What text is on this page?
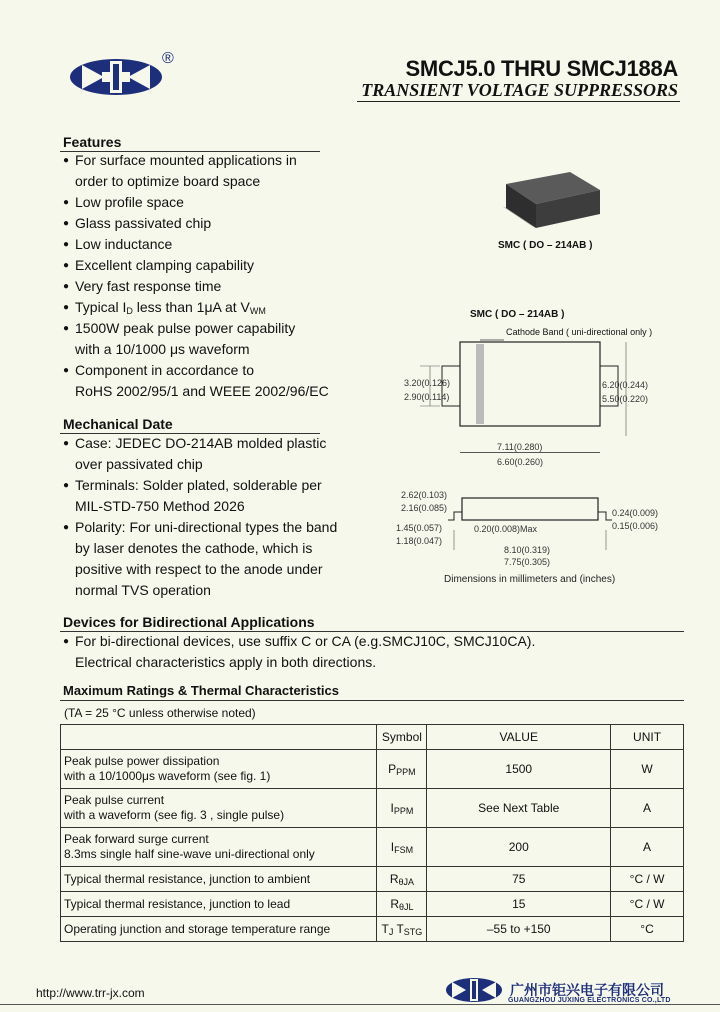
®	SMCJ5.0 THRU SMCJ188A
TRANSIENT VOLTAGE SUPPRESSORS
Features
● For surface mounted applications in
order to optimize board space
● Low profile space
● Glass passivated chip
● Low inductance
● Excellent clamping capability
● Very fast response time
● Typical $I_D$ less than 1μA at $V_{WM}$
● 1500W peak pulse power capability
with a 10/1000 μs waveform
● Component in accordance to
RoHS 2002/95/1 and WEEE 2002/96/EC
Mechanical Date
● Case: JEDEC DO-214AB molded plastic
over passivated chip
● Terminals: Solder plated, solderable per
MIL-STD-750 Method 2026
● Polarity: For uni-directional types the band
by laser denotes the cathode, which is
positive with respect to the anode under
normal TVS operation
Devices for Bidirectional Applications
● For bi-directional devices, use suffix C or CA (e.g.SMCJ10C, SMCJ10CA).
Electrical characteristics apply in both directions.
SMC ( DO – 214AB )
SMC ( DO – 214AB )
Cathode Band ( uni-directional only )
3.20(0.126)
2.90(0.114)
6.20(0.244)
5.50(0.220)
7.11(0.280)
6.60(0.260)
2.62(0.103)
2.16(0.085)	0.24(0.009)
0.15(0.006)
1.45(0.057)
1.18(0.047)
0.20(0.008)Max
8.10(0.319)
7.75(0.305)
Dimensions in millimeters and (inches)
Maximum Ratings & Thermal Characteristics
(TA = 25 °C unless otherwise noted)
	Symbol	VALUE	UNIT
Peak pulse power dissipation
with a 10/1000μs waveform (see fig. 1)	$P_{PPM}$	1500	W
Peak pulse current
with a waveform (see fig. 3 , single pulse)	$I_{PPM}$	See Next Table	A
Peak forward surge current
8.3ms single half sine-wave uni-directional only	$I_{FSM}$	200	A
Typical thermal resistance, junction to ambient	$R_{\theta JA}$	75	°C / W
Typical thermal resistance, junction to lead	$R_{\theta JL}$	15	°C / W
Operating junction and storage temperature range	$T_J$ $T_{STG}$	–55 to +150	°C
http://www.trr-jx.com	广州市钜兴电子有限公司
GUANGZHOU JUXING ELECTRONICS CO.,LTD
